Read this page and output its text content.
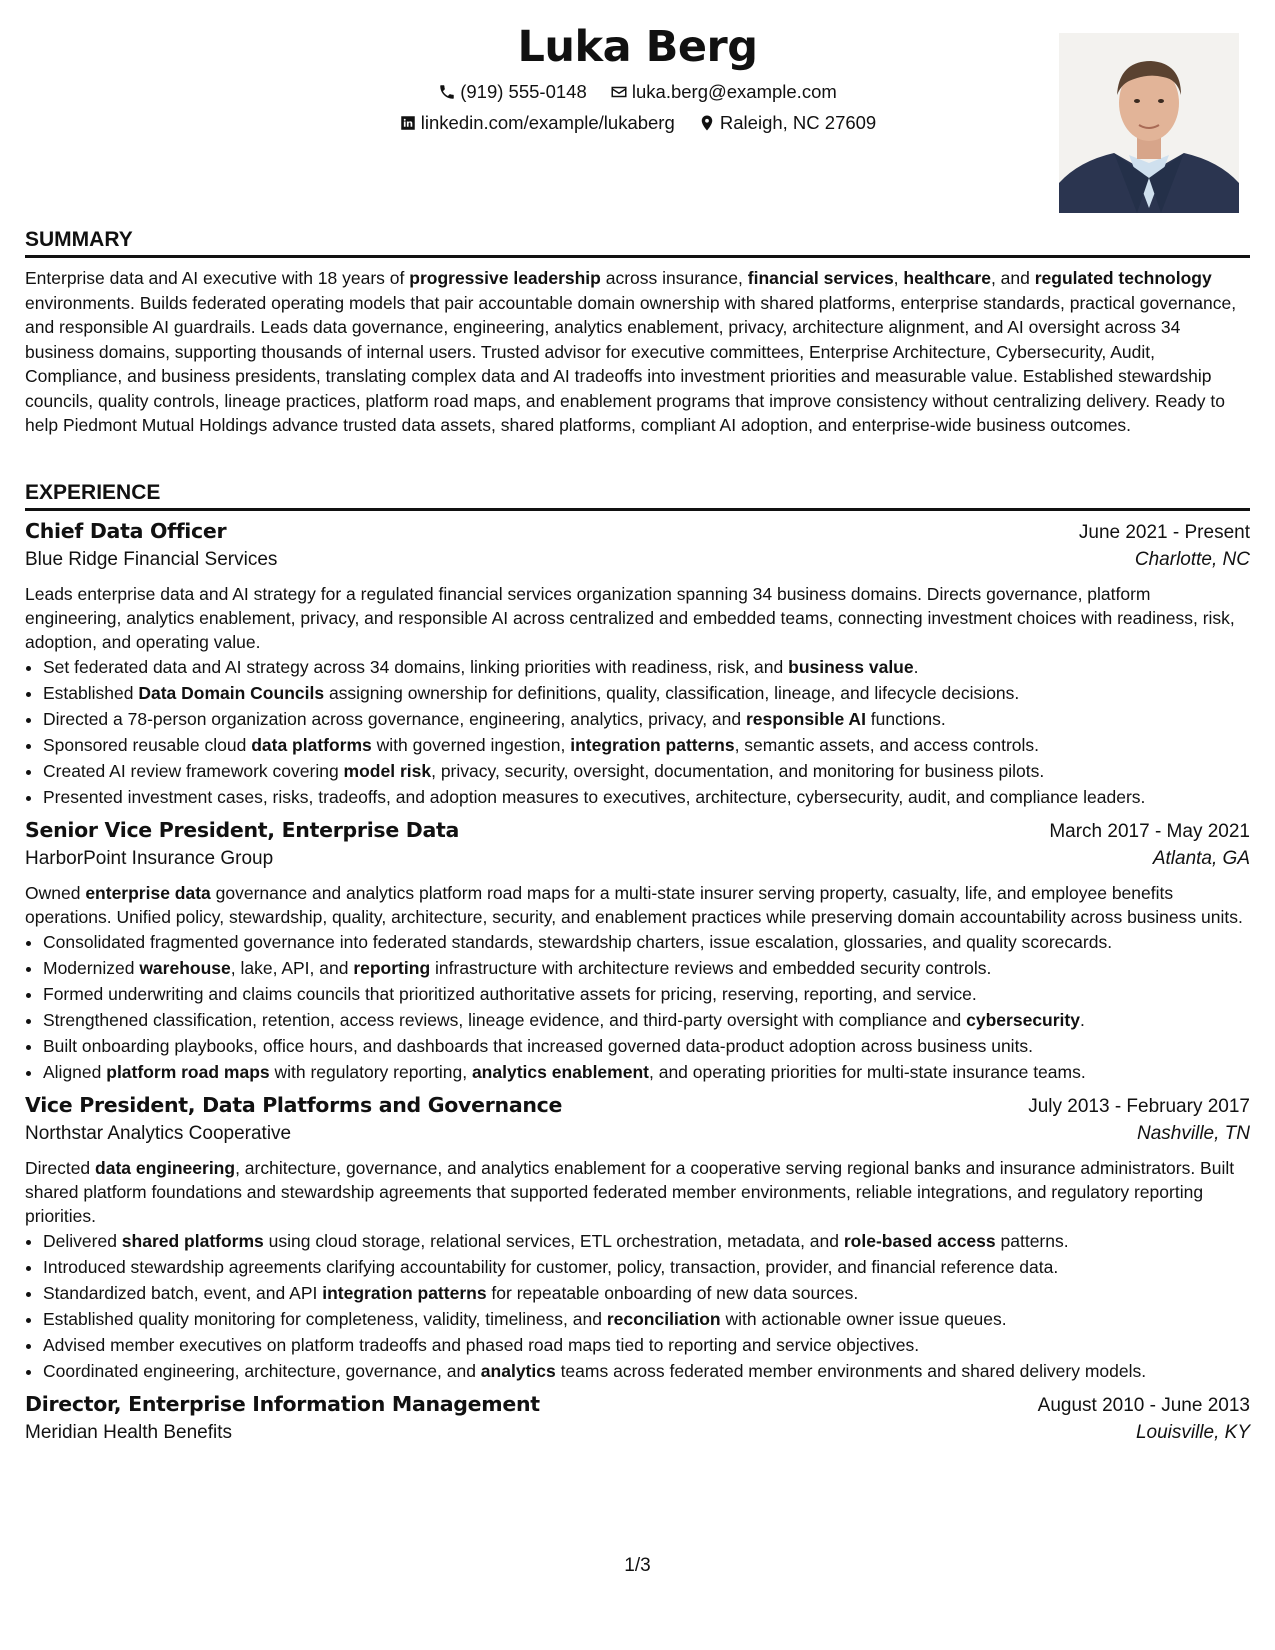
Luka Berg
(919) 555-0148
luka.berg@example.com
linkedin.com/example/lukaberg
Raleigh, NC 27609
SUMMARY

Enterprise data and AI executive with 18 years of progressive leadership across insurance, financial services, healthcare, and regulated technology environments. Builds federated operating models that pair accountable domain ownership with shared platforms, enterprise standards, practical governance, and responsible AI guardrails. Leads data governance, engineering, analytics enablement, privacy, architecture alignment, and AI oversight across 34 business domains, supporting thousands of internal users. Trusted advisor for executive committees, Enterprise Architecture, Cybersecurity, Audit, Compliance, and business presidents, translating complex data and AI tradeoffs into investment priorities and measurable value. Established stewardship councils, quality controls, lineage practices, platform road maps, and enablement programs that improve consistency without centralizing delivery. Ready to help Piedmont Mutual Holdings advance trusted data assets, shared platforms, compliant AI adoption, and enterprise-wide business outcomes.

EXPERIENCE
Chief Data Officer	June 2021 - Present
Blue Ridge Financial Services	Charlotte, NC

Leads enterprise data and AI strategy for a regulated financial services organization spanning 34 business domains. Directs governance, platform engineering, analytics enablement, privacy, and responsible AI across centralized and embedded teams, connecting investment choices with readiness, risk, adoption, and operating value.

• Set federated data and AI strategy across 34 domains, linking priorities with readiness, risk, and business value.
• Established Data Domain Councils assigning ownership for definitions, quality, classification, lineage, and lifecycle decisions.
• Directed a 78-person organization across governance, engineering, analytics, privacy, and responsible AI functions.
• Sponsored reusable cloud data platforms with governed ingestion, integration patterns, semantic assets, and access controls.
• Created AI review framework covering model risk, privacy, security, oversight, documentation, and monitoring for business pilots.
• Presented investment cases, risks, tradeoffs, and adoption measures to executives, architecture, cybersecurity, audit, and compliance leaders.
Senior Vice President, Enterprise Data	March 2017 - May 2021
HarborPoint Insurance Group	Atlanta, GA

Owned enterprise data governance and analytics platform road maps for a multi-state insurer serving property, casualty, life, and employee benefits operations. Unified policy, stewardship, quality, architecture, security, and enablement practices while preserving domain accountability across business units.

• Consolidated fragmented governance into federated standards, stewardship charters, issue escalation, glossaries, and quality scorecards.
• Modernized warehouse, lake, API, and reporting infrastructure with architecture reviews and embedded security controls.
• Formed underwriting and claims councils that prioritized authoritative assets for pricing, reserving, reporting, and service.
• Strengthened classification, retention, access reviews, lineage evidence, and third-party oversight with compliance and cybersecurity.
• Built onboarding playbooks, office hours, and dashboards that increased governed data-product adoption across business units.
• Aligned platform road maps with regulatory reporting, analytics enablement, and operating priorities for multi-state insurance teams.
Vice President, Data Platforms and Governance	July 2013 - February 2017
Northstar Analytics Cooperative	Nashville, TN

Directed data engineering, architecture, governance, and analytics enablement for a cooperative serving regional banks and insurance administrators. Built shared platform foundations and stewardship agreements that supported federated member environments, reliable integrations, and regulatory reporting priorities.

• Delivered shared platforms using cloud storage, relational services, ETL orchestration, metadata, and role-based access patterns.
• Introduced stewardship agreements clarifying accountability for customer, policy, transaction, provider, and financial reference data.
• Standardized batch, event, and API integration patterns for repeatable onboarding of new data sources.
• Established quality monitoring for completeness, validity, timeliness, and reconciliation with actionable owner issue queues.
• Advised member executives on platform tradeoffs and phased road maps tied to reporting and service objectives.
• Coordinated engineering, architecture, governance, and analytics teams across federated member environments and shared delivery models.
Director, Enterprise Information Management	August 2010 - June 2013
Meridian Health Benefits	Louisville, KY
1/3
